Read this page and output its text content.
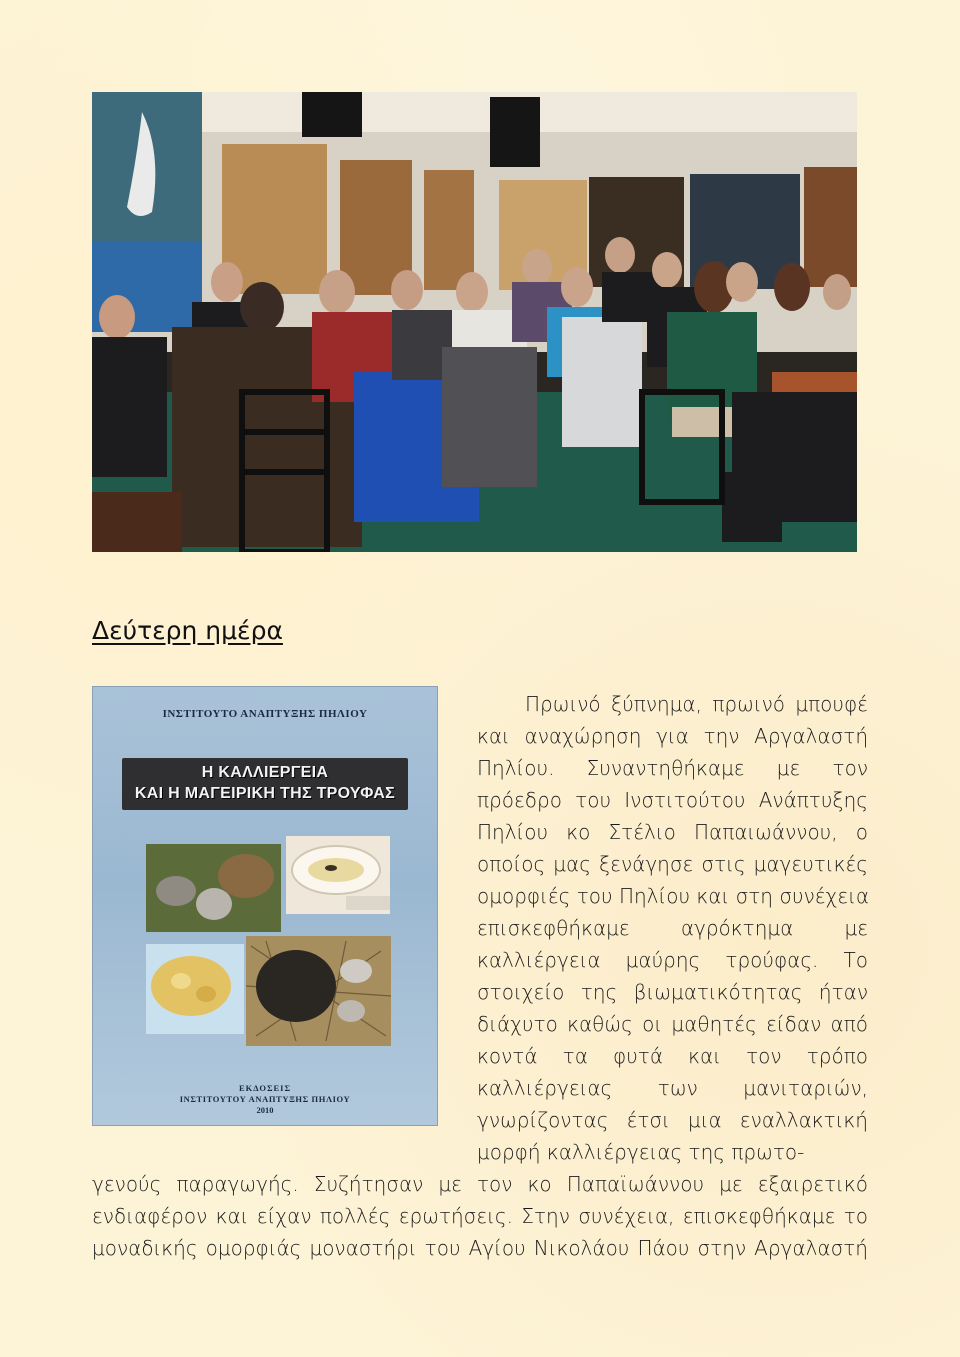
Δεύτερη ημέρα
ΙΝΣΤΙΤΟΥΤΟ ΑΝΑΠΤΥΞΗΣ ΠΗΛΙΟΥ
Η ΚΑΛΛΙΕΡΓΕΙΑ
ΚΑΙ Η ΜΑΓΕΙΡΙΚΗ ΤΗΣ ΤΡΟΥΦΑΣ
ΕΚΔΟΣΕΙΣ
ΙΝΣΤΙΤΟΥΤΟΥ ΑΝΑΠΤΥΞΗΣ ΠΗΛΙΟΥ
2010
Πρωινό ξύπνημα, πρωινό μπουφέ
και αναχώρηση για την Αργαλαστή
Πηλίου. Συναντηθήκαμε με τον
πρόεδρο του Ινστιτούτου Ανάπτυξης
Πηλίου κο Στέλιο Παπαιωάννου, ο
οποίος μας ξενάγησε στις μαγευτικές
ομορφιές του Πηλίου και στη συνέχεια
επισκεφθήκαμε αγρόκτημα με
καλλιέργεια μαύρης τρούφας. Το
στοιχείο της βιωματικότητας ήταν
διάχυτο καθώς οι μαθητές είδαν από
κοντά τα φυτά και τον τρόπο
καλλιέργειας των μανιταριών,
γνωρίζοντας έτσι μια εναλλακτική
μορφή καλλιέργειας της πρωτο-
γενούς παραγωγής. Συζήτησαν με τον κο Παπαϊωάννου με εξαιρετικό
ενδιαφέρον και είχαν πολλές ερωτήσεις. Στην συνέχεια, επισκεφθήκαμε το
μοναδικής ομορφιάς μοναστήρι του Αγίου Νικολάου Πάου στην Αργαλαστή
